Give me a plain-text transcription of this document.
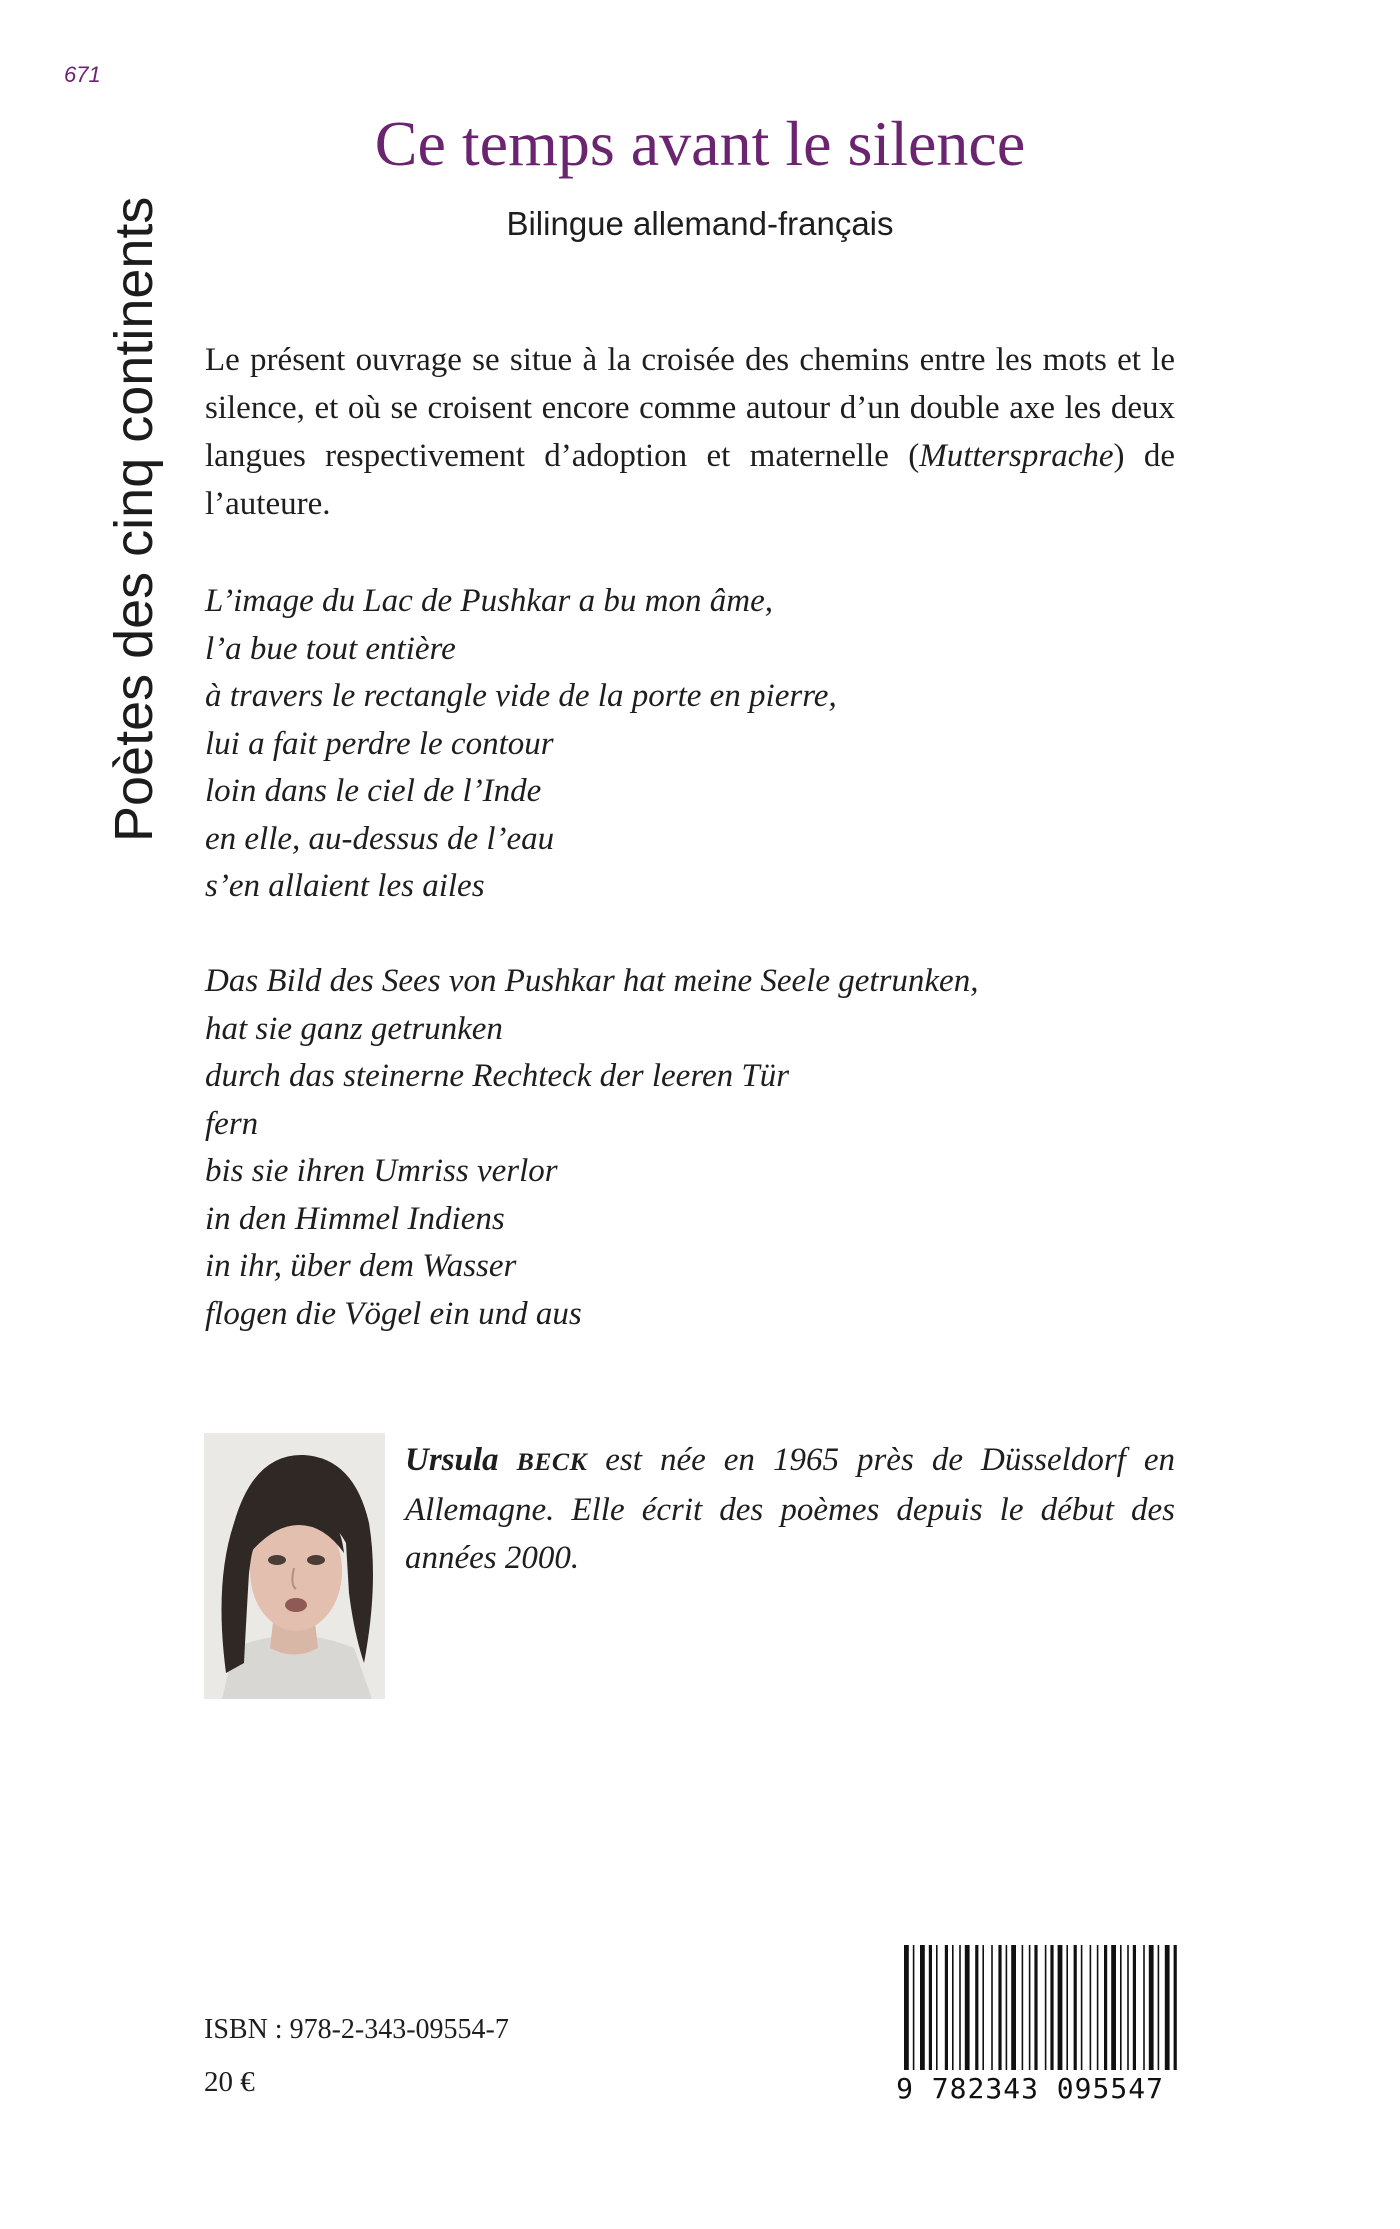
671
Poètes des cinq continents
Ce temps avant le silence
Bilingue allemand-français

Le présent ouvrage se situe à la croisée des chemins entre les mots et le silence, et où se croisent encore comme autour d’un double axe les deux langues respectivement d’adoption et maternelle (Muttersprache) de l’auteure.

L’image du Lac de Pushkar a bu mon âme,
l’a bue tout entière
à travers le rectangle vide de la porte en pierre,
lui a fait perdre le contour
loin dans le ciel de l’Inde
en elle, au-dessus de l’eau
s’en allaient les ailes
Das Bild des Sees von Pushkar hat meine Seele getrunken,
hat sie ganz getrunken
durch das steinerne Rechteck der leeren Tür
fern
bis sie ihren Umriss verlor
in den Himmel Indiens
in ihr, über dem Wasser
flogen die Vögel ein und aus

Ursula BECK est née en 1965 près de Düsseldorf en Allemagne. Elle écrit des poèmes depuis le début des années 2000.

ISBN : 978-2-343-09554-7
20 €	9 782343 095547
